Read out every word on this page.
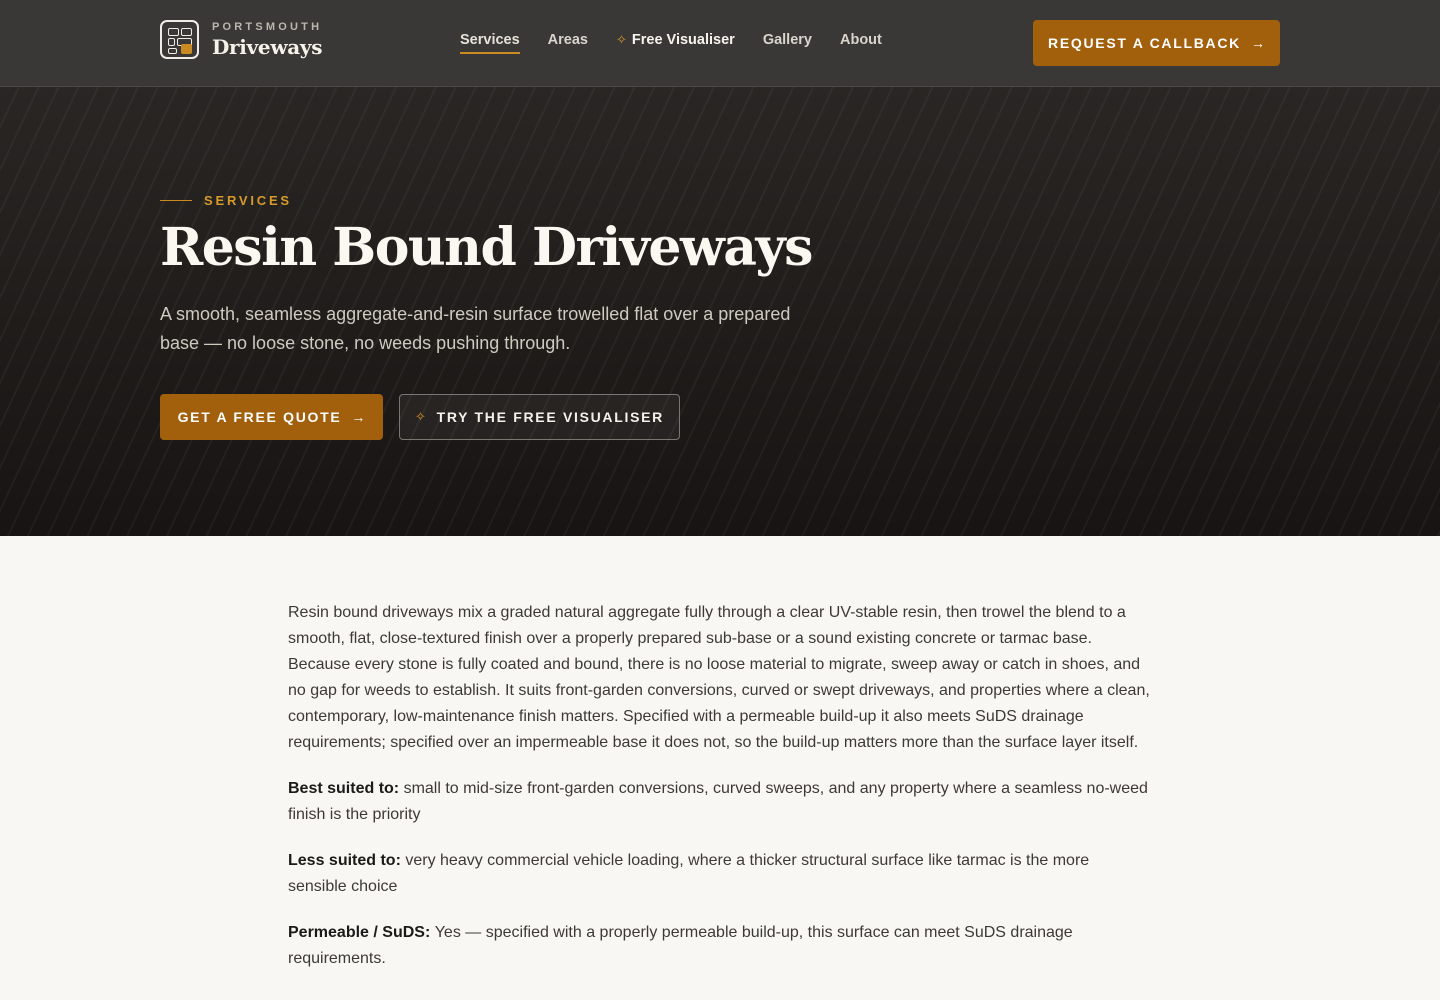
PORTSMOUTH
Driveways	Services Areas ✧ Free Visualiser Gallery About	REQUEST A CALLBACK →
SERVICES
Resin Bound Driveways

A smooth, seamless aggregate-and-resin surface trowelled flat over a prepared base — no loose stone, no weeds pushing through.

GET A FREE QUOTE →	✧ TRY THE FREE VISUALISER

Resin bound driveways mix a graded natural aggregate fully through a clear UV-stable resin, then trowel the blend to a smooth, flat, close-textured finish over a properly prepared sub-base or a sound existing concrete or tarmac base. Because every stone is fully coated and bound, there is no loose material to migrate, sweep away or catch in shoes, and no gap for weeds to establish. It suits front-garden conversions, curved or swept driveways, and properties where a clean, contemporary, low-maintenance finish matters. Specified with a permeable build-up it also meets SuDS drainage requirements; specified over an impermeable base it does not, so the build-up matters more than the surface layer itself.

Best suited to: small to mid-size front-garden conversions, curved sweeps, and any property where a seamless no-weed finish is the priority

Less suited to: very heavy commercial vehicle loading, where a thicker structural surface like tarmac is the more sensible choice

Permeable / SuDS: Yes — specified with a properly permeable build-up, this surface can meet SuDS drainage requirements.
